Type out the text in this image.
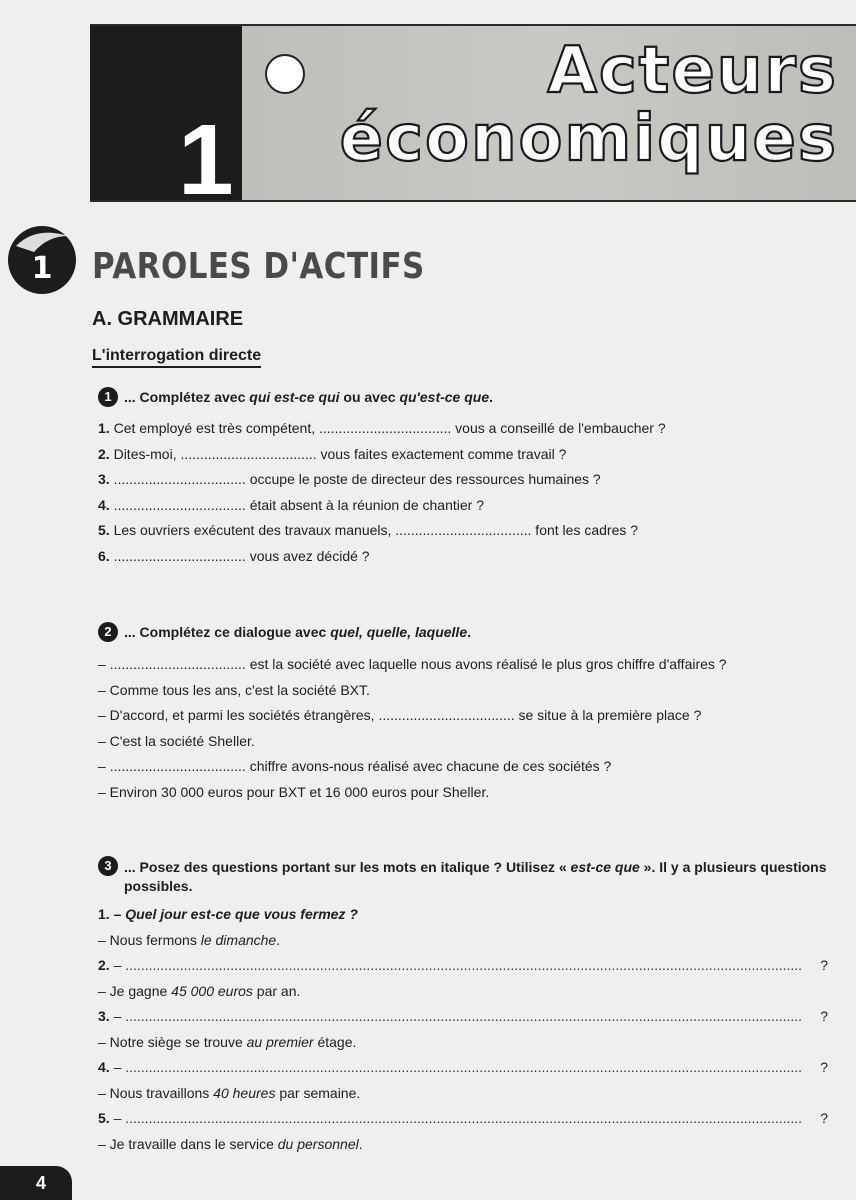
1
Acteurs
économiques
1 PAROLES D'ACTIFS
A. GRAMMAIRE
L'interrogation directe
1 ... Complétez avec qui est-ce qui ou avec qu'est-ce que.
1. Cet employé est très compétent, .................................. vous a conseillé de l'embaucher ?
2. Dites-moi, ................................... vous faites exactement comme travail ?
3. .................................. occupe le poste de directeur des ressources humaines ?
4. .................................. était absent à la réunion de chantier ?
5. Les ouvriers exécutent des travaux manuels, ................................... font les cadres ?
6. .................................. vous avez décidé ?
2 ... Complétez ce dialogue avec quel, quelle, laquelle.
– ................................... est la société avec laquelle nous avons réalisé le plus gros chiffre d'affaires ?
– Comme tous les ans, c'est la société BXT.
– D'accord, et parmi les sociétés étrangères, ................................... se situe à la première place ?
– C'est la société Sheller.
– ................................... chiffre avons-nous réalisé avec chacune de ces sociétés ?
– Environ 30 000 euros pour BXT et 16 000 euros pour Sheller.
3 ... Posez des questions portant sur les mots en italique ? Utilisez « est-ce que ». Il y a plusieurs questions possibles.
1. – Quel jour est-ce que vous fermez ?
– Nous fermons le dimanche.
2.
–
..............................................................................................................................................................................	?
– Je gagne 45 000 euros par an.
3.
–
..............................................................................................................................................................................	?
– Notre siège se trouve au premier étage.
4.
–
..............................................................................................................................................................................	?
– Nous travaillons 40 heures par semaine.
5.
–
..............................................................................................................................................................................	?
– Je travaille dans le service du personnel.
4
